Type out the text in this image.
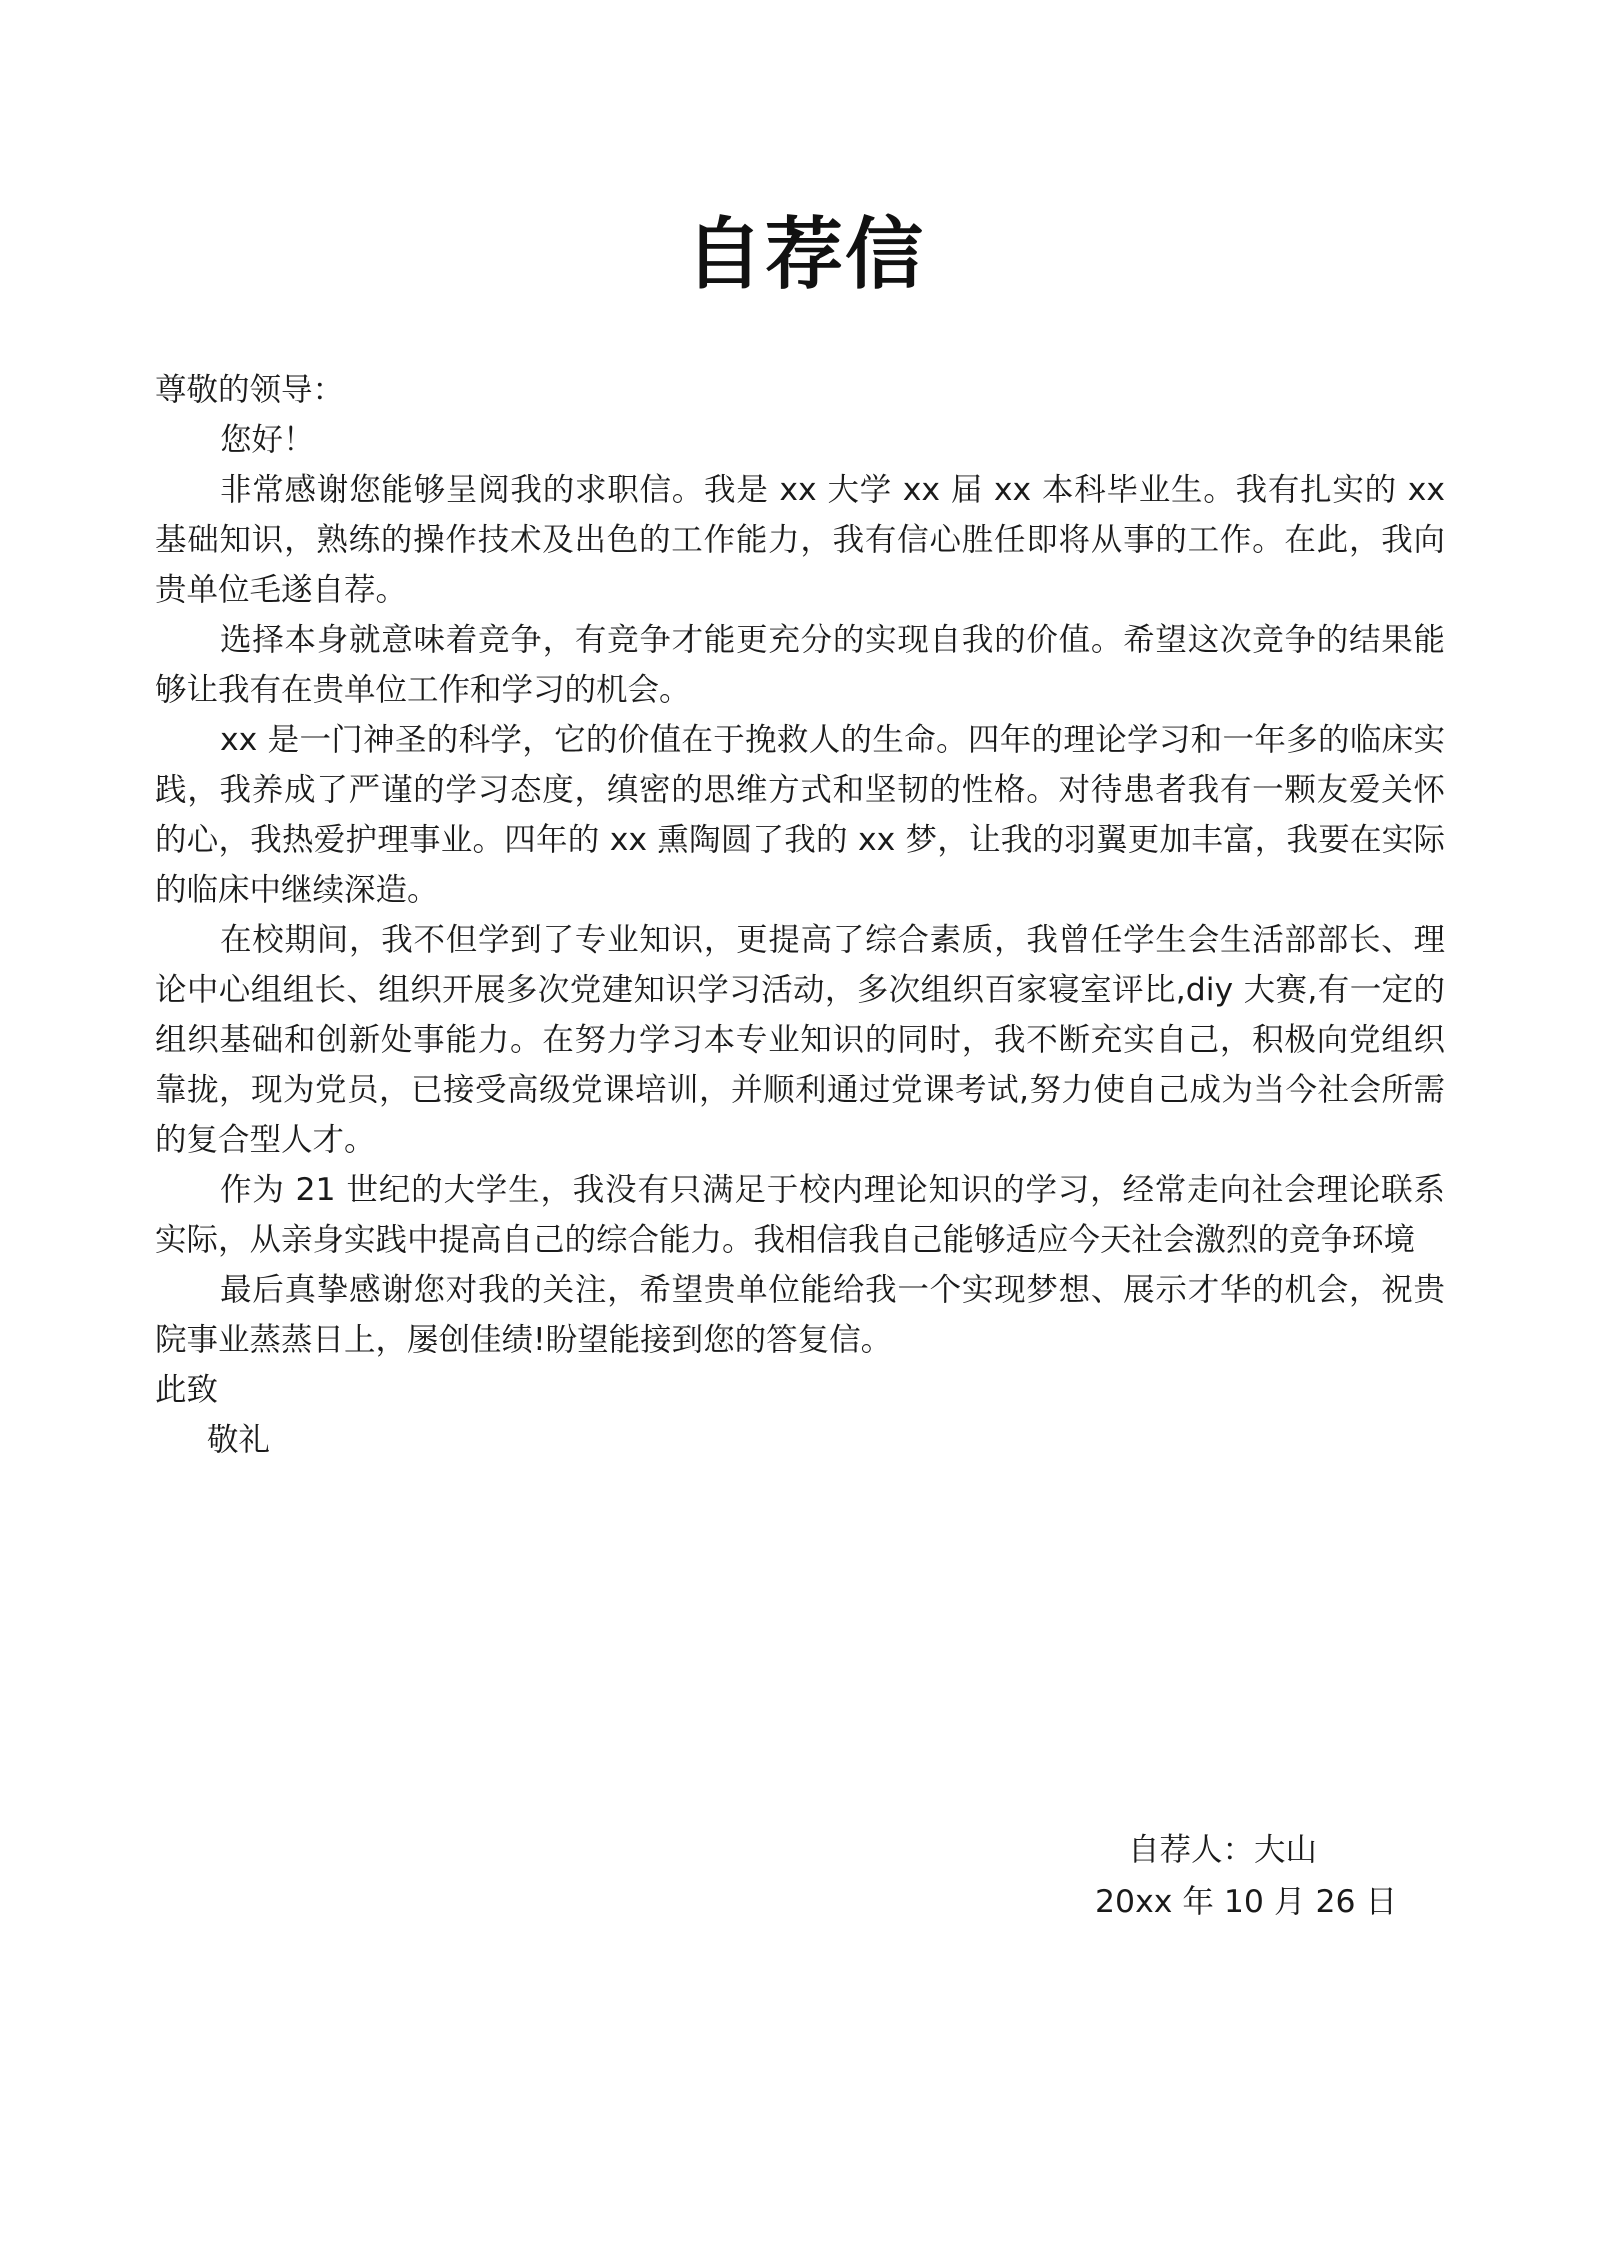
自荐信

尊敬的领导：

您好！

非常感谢您能够呈阅我的求职信。我是 xx 大学 xx 届 xx 本科毕业生。我有扎实的 xx 基础知识，熟练的操作技术及出色的工作能力，我有信心胜任即将从事的工作。在此，我向贵单位毛遂自荐。

选择本身就意味着竞争，有竞争才能更充分的实现自我的价值。希望这次竞争的结果能够让我有在贵单位工作和学习的机会。

xx 是一门神圣的科学，它的价值在于挽救人的生命。四年的理论学习和一年多的临床实践，我养成了严谨的学习态度，缜密的思维方式和坚韧的性格。对待患者我有一颗友爱关怀的心，我热爱护理事业。四年的 xx 熏陶圆了我的 xx 梦，让我的羽翼更加丰富，我要在实际的临床中继续深造。

在校期间，我不但学到了专业知识，更提高了综合素质，我曾任学生会生活部部长、理论中心组组长、组织开展多次党建知识学习活动，多次组织百家寝室评比,diy 大赛,有一定的组织基础和创新处事能力。在努力学习本专业知识的同时，我不断充实自己，积极向党组织靠拢，现为党员，已接受高级党课培训，并顺利通过党课考试,努力使自己成为当今社会所需的复合型人才。

作为 21 世纪的大学生，我没有只满足于校内理论知识的学习，经常走向社会理论联系实际，从亲身实践中提高自己的综合能力。我相信我自己能够适应今天社会激烈的竞争环境

最后真挚感谢您对我的关注，希望贵单位能给我一个实现梦想、展示才华的机会，祝贵院事业蒸蒸日上，屡创佳绩!盼望能接到您的答复信。

此致

敬礼

自荐人：大山
20xx 年 10 月 26 日
